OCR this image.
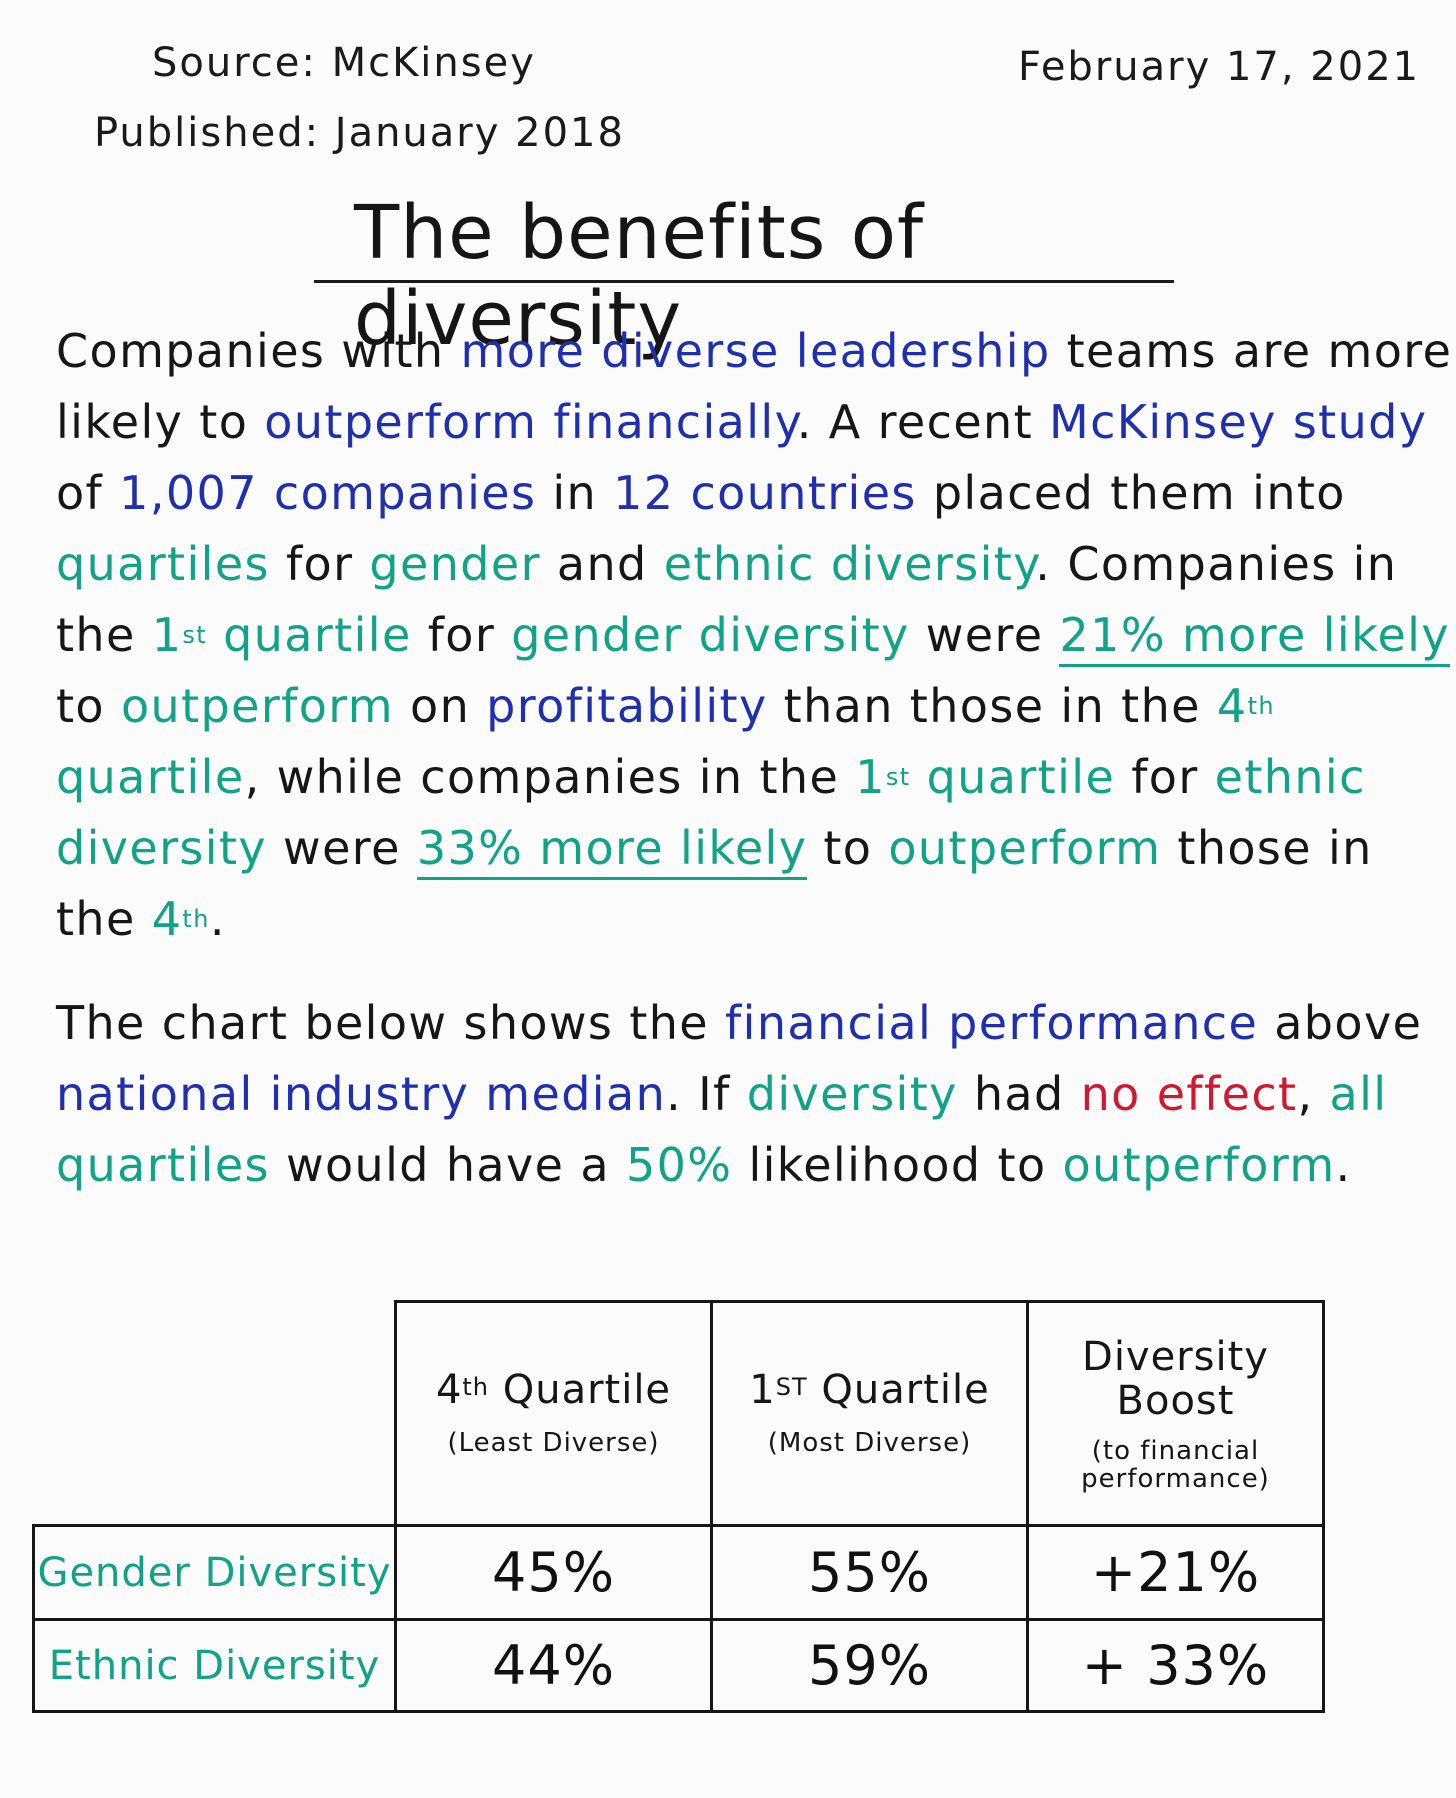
Source: McKinsey
Published: January 2018
February 17, 2021
The benefits of diversity
Companies with more diverse leadership teams are more
likely to outperform financially. A recent McKinsey study
of 1,007 companies in 12 countries placed them into
quartiles for gender and ethnic diversity. Companies in
the 1st quartile for gender diversity were 21% more likely
to outperform on profitability than those in the 4th
quartile, while companies in the 1st quartile for ethnic
diversity were 33% more likely to outperform those in
the 4th.
The chart below shows the financial performance above
national industry median. If diversity had no effect, all
quartiles would have a 50% likelihood to outperform.
4th Quartile
(Least Diverse)
1ST Quartile
(Most Diverse)
Diversity
Boost
(to financial
performance)
Gender Diversity 45%	55%	+21%
Ethnic Diversity 44%	59%	+ 33%
